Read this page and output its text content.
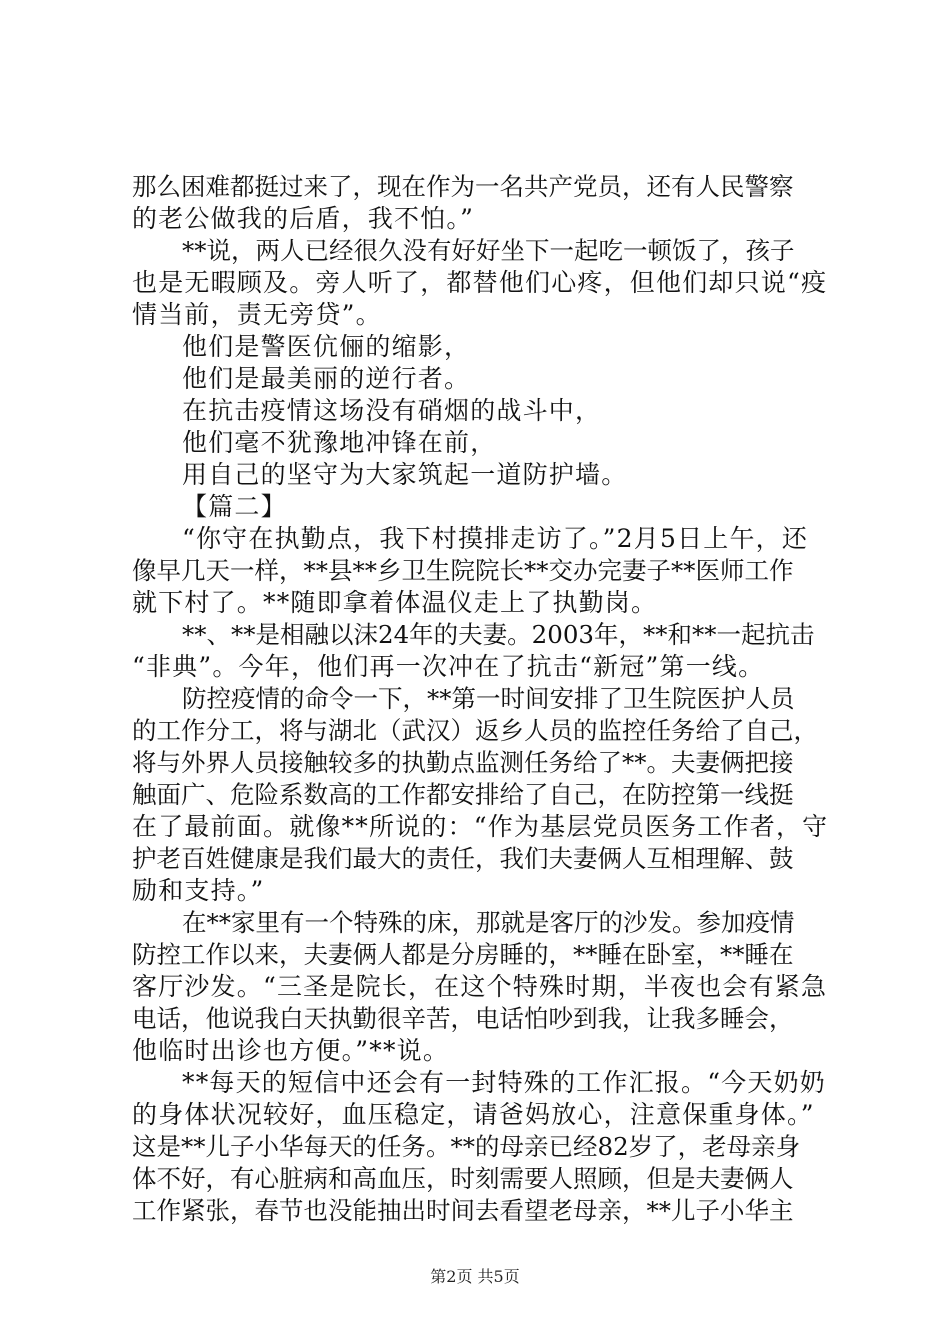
那么困难都挺过来了，现在作为一名共产党员，还有人民警察
的老公做我的后盾，我不怕。”
**说，两人已经很久没有好好坐下一起吃一顿饭了，孩子
也是无暇顾及。旁人听了，都替他们心疼，但他们却只说“疫
情当前，责无旁贷”。
他们是警医伉俪的缩影，
他们是最美丽的逆行者。
在抗击疫情这场没有硝烟的战斗中，
他们毫不犹豫地冲锋在前，
用自己的坚守为大家筑起一道防护墙。
【篇二】
“你守在执勤点，我下村摸排走访了。”2月5日上午，还
像早几天一样，**县**乡卫生院院长**交办完妻子**医师工作
就下村了。**随即拿着体温仪走上了执勤岗。
**、**是相融以沫24年的夫妻。2003年，**和**一起抗击
“非典”。今年，他们再一次冲在了抗击“新冠”第一线。
防控疫情的命令一下，**第一时间安排了卫生院医护人员
的工作分工，将与湖北（武汉）返乡人员的监控任务给了自己，
将与外界人员接触较多的执勤点监测任务给了**。夫妻俩把接
触面广、危险系数高的工作都安排给了自己，在防控第一线挺
在了最前面。就像**所说的：“作为基层党员医务工作者，守
护老百姓健康是我们最大的责任，我们夫妻俩人互相理解、鼓
励和支持。”
在**家里有一个特殊的床，那就是客厅的沙发。参加疫情
防控工作以来，夫妻俩人都是分房睡的，**睡在卧室，**睡在
客厅沙发。“三圣是院长，在这个特殊时期，半夜也会有紧急
电话，他说我白天执勤很辛苦，电话怕吵到我，让我多睡会，
他临时出诊也方便。”**说。
**每天的短信中还会有一封特殊的工作汇报。“今天奶奶
的身体状况较好，血压稳定，请爸妈放心，注意保重身体。”
这是**儿子小华每天的任务。**的母亲已经82岁了，老母亲身
体不好，有心脏病和高血压，时刻需要人照顾，但是夫妻俩人
工作紧张，春节也没能抽出时间去看望老母亲，**儿子小华主
第2页 共5页
